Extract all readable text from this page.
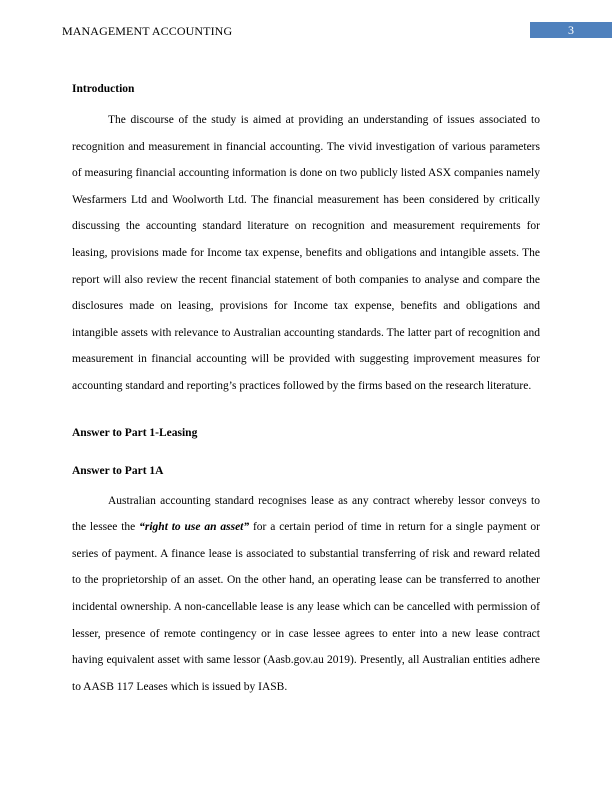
MANAGEMENT ACCOUNTING	3
Introduction

The discourse of the study is aimed at providing an understanding of issues associated to recognition and measurement in financial accounting. The vivid investigation of various parameters of measuring financial accounting information is done on two publicly listed ASX companies namely Wesfarmers Ltd and Woolworth Ltd. The financial measurement has been considered by critically discussing the accounting standard literature on recognition and measurement requirements for leasing, provisions made for Income tax expense, benefits and obligations and intangible assets. The report will also review the recent financial statement of both companies to analyse and compare the disclosures made on leasing, provisions for Income tax expense, benefits and obligations and intangible assets with relevance to Australian accounting standards. The latter part of recognition and measurement in financial accounting will be provided with suggesting improvement measures for accounting standard and reporting’s practices followed by the firms based on the research literature.

Answer to Part 1-Leasing
Answer to Part 1A

Australian accounting standard recognises lease as any contract whereby lessor conveys to the lessee the “right to use an asset” for a certain period of time in return for a single payment or series of payment. A finance lease is associated to substantial transferring of risk and reward related to the proprietorship of an asset. On the other hand, an operating lease can be transferred to another incidental ownership. A non-cancellable lease is any lease which can be cancelled with permission of lesser, presence of remote contingency or in case lessee agrees to enter into a new lease contract having equivalent asset with same lessor (Aasb.gov.au 2019). Presently, all Australian entities adhere to AASB 117 Leases which is issued by IASB.
